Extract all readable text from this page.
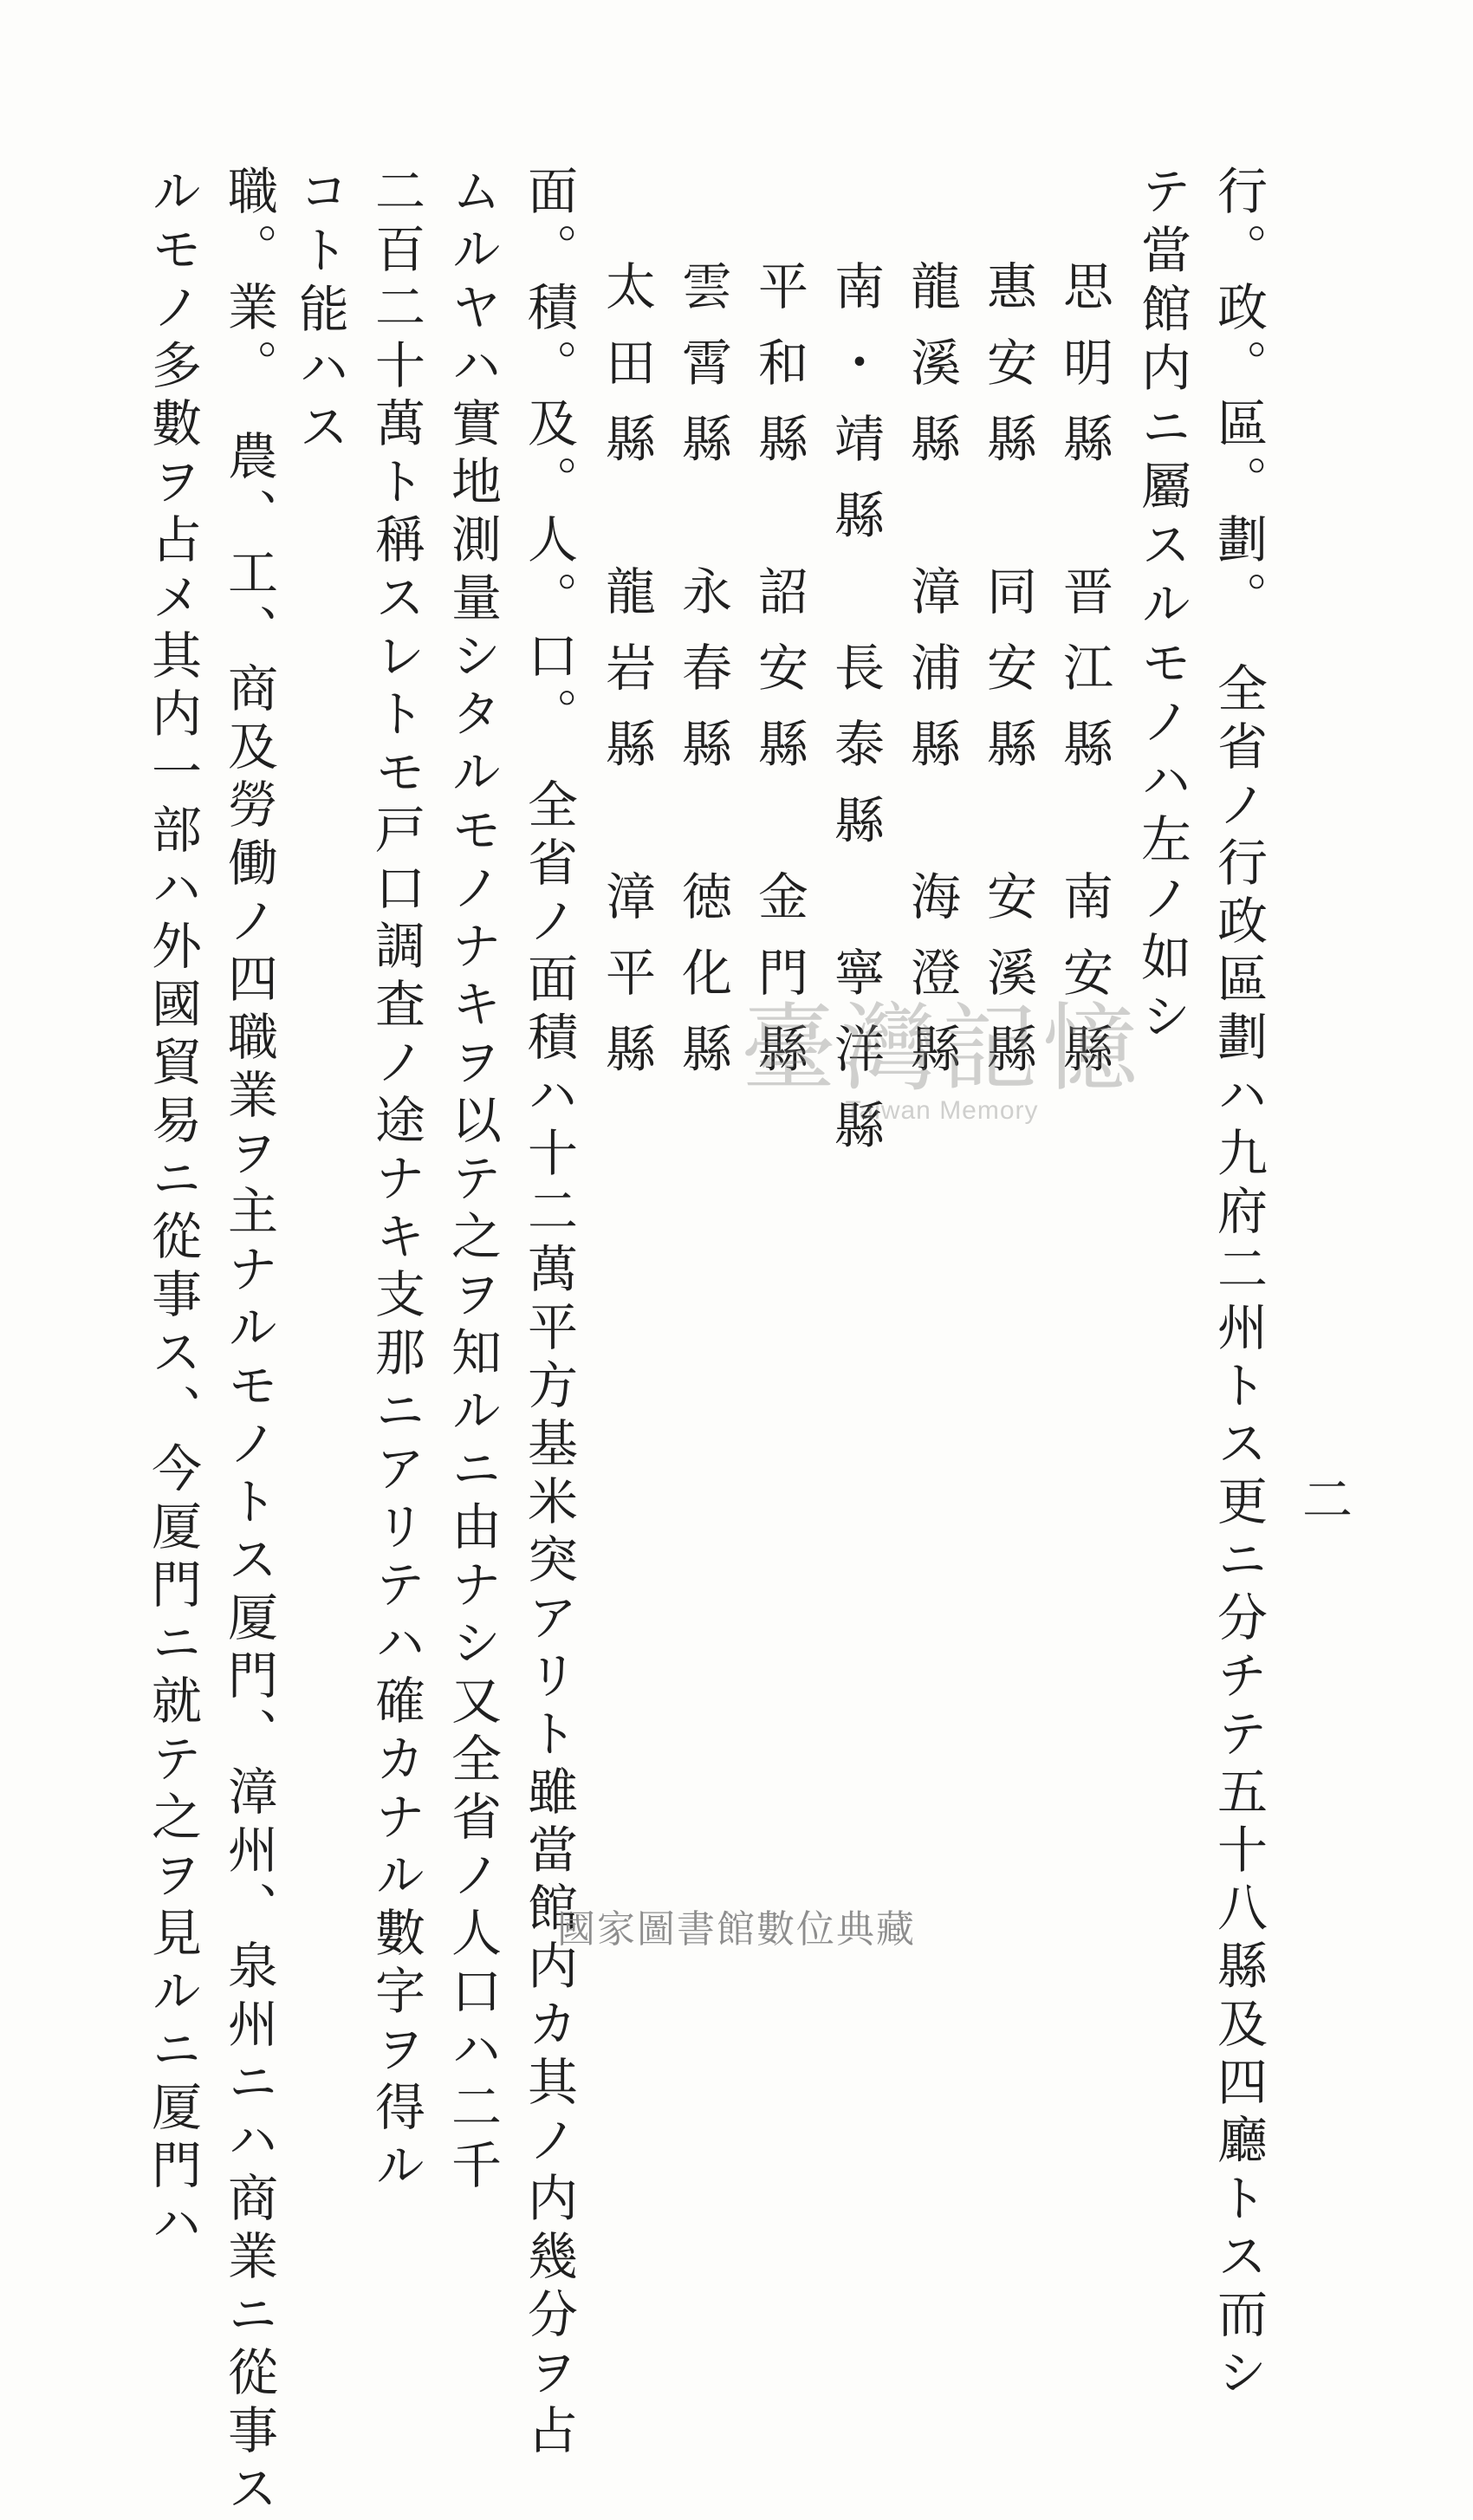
二
行。政。區。劃。　全省ノ行政區劃ハ九府二州トス更ニ分チテ五十八縣及四廳トス而シ
テ當館内ニ屬スルモノハ左ノ如シ
思明縣　晋江縣　南安縣
惠安縣　同安縣　安溪縣
龍溪縣　漳浦縣　海澄縣
南・靖縣　長泰縣　寧洋縣
平和縣　詔安縣　金門縣
雲霄縣　永春縣　徳化縣
太田縣　龍岩縣　漳平縣
面。積。及。人。口。　全省ノ面積ハ十二萬平方基米突アリト雖當館内カ其ノ内幾分ヲ占
ムルヤハ實地測量シタルモノナキヲ以テ之ヲ知ルニ由ナシ又全省ノ人口ハ二千
二百二十萬ト稱スレトモ戸口調査ノ途ナキ支那ニアリテハ確カナル數字ヲ得ル
コト能ハス
職。業。　農、工、商及勞働ノ四職業ヲ主ナルモノトス厦門、漳州、泉州ニハ商業ニ從事ス
ルモノ多數ヲ占メ其内一部ハ外國貿易ニ從事ス、今厦門ニ就テ之ヲ見ルニ厦門ハ	臺灣記憶
Taiwan Memory
國家圖書館數位典藏
